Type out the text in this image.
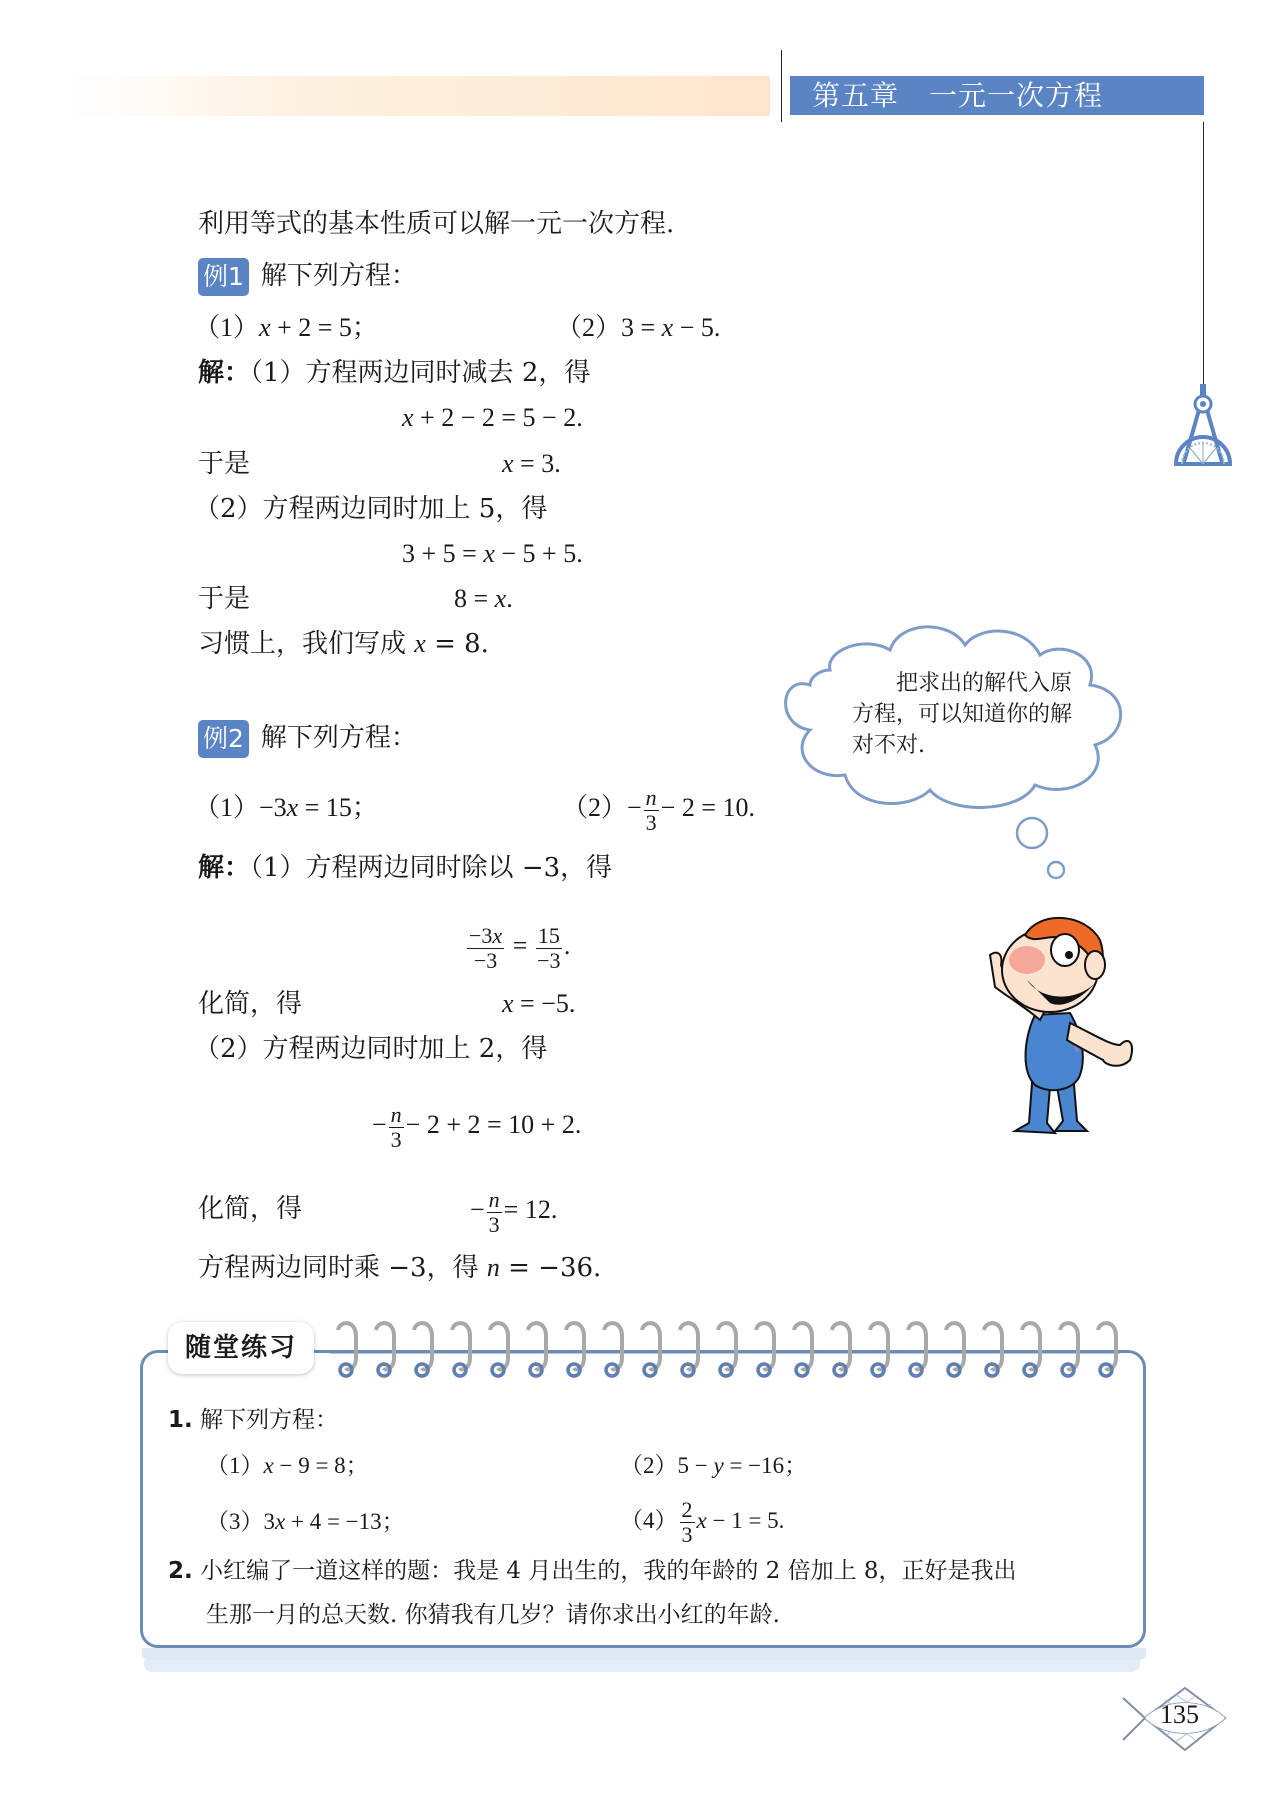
第五章 一元一次方程
利用等式的基本性质可以解一元一次方程.
例1 解下列方程：
（1）x + 2 = 5；	（2）3 = x − 5.
解：（1）方程两边同时减去 2，得
x + 2 − 2 = 5 − 2.
于是	x = 3.
（2）方程两边同时加上 5，得
3 + 5 = x − 5 + 5.
于是	8 = x.
习惯上，我们写成 x = 8.
　　把求出的解代入原方程，可以知道你的解对不对.
例2 解下列方程：
（1）−3x = 15；	$(2)- \frac{n}{3} - 2 = 10$.
解：（1）方程两边同时除以 −3，得
$\frac{-3x}{-3} = \frac{15}{-3}$ .
化简，得	x = −5.
（2）方程两边同时加上 2，得
− $\frac{n}{3} - 2 + 2 = 10 + 2$.
化简，得	− $\frac{n}{3} = 12$.
方程两边同时乘 −3，得 n = −36.
随堂练习
1. 解下列方程：
（1）x − 9 = 8；	（2）5 − y = −16；
（3）3x + 4 = −13；	$(4) \frac{2}{3}$ x − 1 = 5.
2. 小红编了一道这样的题：我是 4 月出生的，我的年龄的 2 倍加上 8，正好是我出
生那一月的总天数. 你猜我有几岁？请你求出小红的年龄.
135
